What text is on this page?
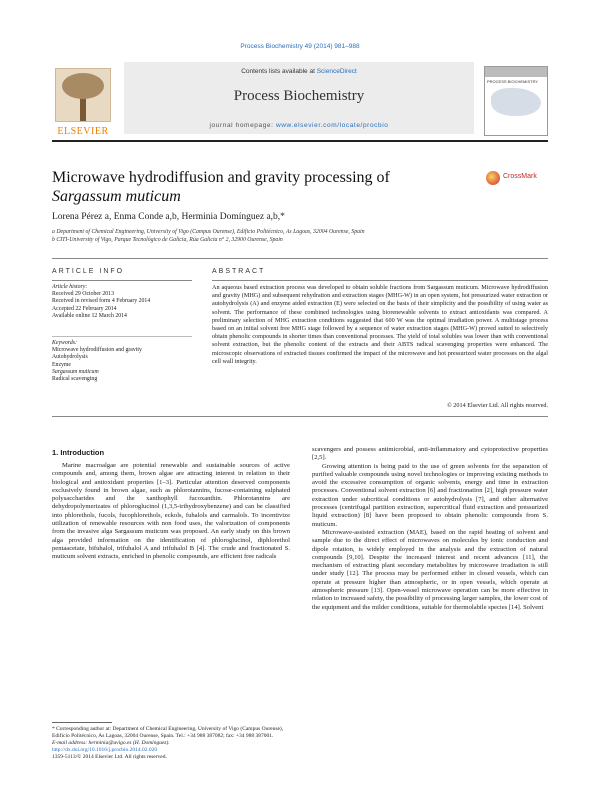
Process Biochemistry 49 (2014) 981–988
ELSEVIER
Contents lists available at ScienceDirect
Process Biochemistry
journal homepage: www.elsevier.com/locate/procbio
PROCESS BIOCHEMISTRY
Microwave hydrodiffusion and gravity processing of
Sargassum muticum
CrossMark
Lorena Pérez a, Enma Conde a,b, Herminia Domínguez a,b,*
a Department of Chemical Engineering, University of Vigo (Campus Ourense), Edificio Politécnico, As Lagoas, 32004 Ourense, Spain
b CITI-University of Vigo, Parque Tecnológico de Galicia, Rúa Galicia n° 2, 32900 Ourense, Spain
ARTICLE INFO	ABSTRACT
Article history:
Received 29 October 2013
Received in revised form 4 February 2014
Accepted 22 February 2014
Available online 12 March 2014
Keywords:
Microwave hydrodiffusion and gravity
Autohydrolysis
Enzyme
Sargassum muticum
Radical scavenging
An aqueous based extraction process was developed to obtain soluble fractions from Sargassum muticum. Microwave hydrodiffusion and gravity (MHG) and subsequent rehydration and extraction stages (MHG-W) in an open system, hot pressurized water extraction or autohydrolysis (A) and enzyme aided extraction (E) were selected on the basis of their simplicity and the possibility of using water as solvent. The performance of these combined technologies using biorenewable solvents to extract antioxidants was compared. A preliminary selection of MHG extraction conditions suggested that 600 W was the optimal irradiation power. A multistage process based on an initial solvent free MHG stage followed by a sequence of water extraction stages (MHG-W) proved suited to selectively obtain phenolic compounds in shorter times than conventional processes. The yield of total solubles was lower than with conventional solvent extraction, but the phenolic content of the extracts and their ABTS radical scavenging properties were enhanced. The microscopic observations of extracted tissues confirmed the impact of the microwave and hot pressurized water processes on the algal cell wall integrity.
© 2014 Elsevier Ltd. All rights reserved.
1. Introduction

Marine macroalgae are potential renewable and sustainable sources of active compounds and, among them, brown algae are attracting interest in relation to their biological and antioxidant properties [1–3]. Particular attention deserved components exclusively found in brown algae, such as phlorotannins, fucose-containing sulphated polysaccharides and the xanthophyll fucoxanthin. Phlorotannins are dehydropolymerizates of phloroglucinol (1,3,5-trihydroxybenzene) and can be classified into phlorethols, fucols, fucophlorethols, eckols, fuhalols and carmalols. To incentivize utilization of renewable resources with non food uses, the valorization of components from the invasive alga Sargassum muticum was proposed. An early study on this brown alga provided information on the identification of phloroglucinol, diphlorethol pentaacetate, bifuhalol, trifuhalol A and trifuhalol B [4]. The crude and fractionated S. muticum solvent extracts, enriched in phenolic compounds, are efficient free radicals

scavengers and possess antimicrobial, anti-inflammatory and cytoprotective properties [2,5].

Growing attention is being paid to the use of green solvents for the separation of purified valuable compounds using novel technologies or improving existing methods to avoid the excessive consumption of organic solvents, energy and time in extraction processes. Conventional solvent extraction [6] and fractionation [2], high pressure water extraction under subcritical conditions or autohydrolysis [7], and other alternative processes (centrifugal partition extraction, supercritical fluid extraction and pressurized liquid extraction) [8] have been proposed to obtain phenolic compounds from S. muticum.

Microwave-assisted extraction (MAE), based on the rapid heating of solvent and sample due to the direct effect of microwaves on molecules by ionic conduction and dipole rotation, is widely employed in the analysis and the extraction of natural compounds [9,10]. Despite the increased interest and recent advances [11], the mechanism of extracting plant secondary metabolites by microwave irradiation is still under study [12]. The process may be performed either in closed vessels, which can operate at pressure higher than atmospheric, or in open vessels, which operate at atmospheric pressure [13]. Open-vessel microwave operation can be more effective in relation to increased safety, the possibility of processing larger samples, the lower cost of the equipment and the milder conditions, suitable for thermolabile species [14]. Solvent

* Corresponding author at: Department of Chemical Engineering, University of Vigo (Campus Ourense), Edificio Politécnico, As Lagoas, 32004 Ourense, Spain. Tel.: +34 988 387082; fax: +34 988 387001.
E-mail address: herminia@uvigo.es (H. Domínguez).
http://dx.doi.org/10.1016/j.procbio.2014.02.020
1359-5113/© 2014 Elsevier Ltd. All rights reserved.
